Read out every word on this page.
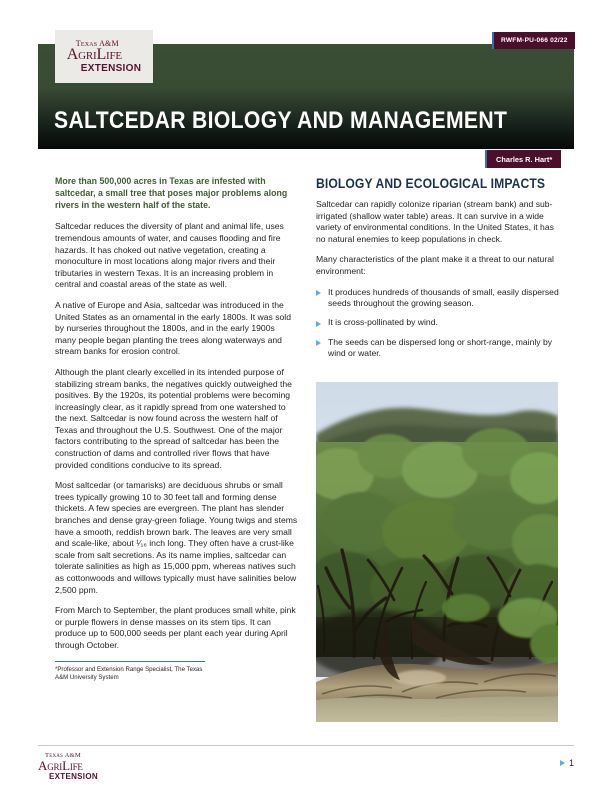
SALTCEDAR BIOLOGY AND MANAGEMENT
Texas A&M
AgriLife
EXTENSION
RWFM-PU-066 02/22
Charles R. Hart*

More than 500,000 acres in Texas are infested with saltcedar, a small tree that poses major problems along rivers in the western half of the state.

Saltcedar reduces the diversity of plant and animal life, uses tremendous amounts of water, and causes flooding and fire hazards. It has choked out native vegetation, creating a monoculture in most locations along major rivers and their tributaries in western Texas. It is an increasing problem in central and coastal areas of the state as well.

A native of Europe and Asia, saltcedar was introduced in the United States as an ornamental in the early 1800s. It was sold by nurseries throughout the 1800s, and in the early 1900s many people began planting the trees along waterways and stream banks for erosion control.

Although the plant clearly excelled in its intended purpose of stabilizing stream banks, the negatives quickly outweighed the positives. By the 1920s, its potential problems were becoming increasingly clear, as it rapidly spread from one watershed to the next. Saltcedar is now found across the western half of Texas and throughout the U.S. Southwest. One of the major factors contributing to the spread of saltcedar has been the construction of dams and controlled river flows that have provided conditions conducive to its spread.

Most saltcedar (or tamarisks) are deciduous shrubs or small trees typically growing 10 to 30 feet tall and forming dense thickets. A few species are evergreen. The plant has slender branches and dense gray-green foliage. Young twigs and stems have a smooth, reddish brown bark. The leaves are very small and scale-like, about ¹⁄₁₆ inch long. They often have a crust-like scale from salt secretions. As its name implies, saltcedar can tolerate salinities as high as 15,000 ppm, whereas natives such as cottonwoods and willows typically must have salinities below 2,500 ppm.

From March to September, the plant produces small white, pink or purple flowers in dense masses on its stem tips. It can produce up to 500,000 seeds per plant each year during April through October.

*Professor and Extension Range Specialist, The Texas A&M University System
BIOLOGY AND ECOLOGICAL IMPACTS

Saltcedar can rapidly colonize riparian (stream bank) and sub-irrigated (shallow water table) areas. It can survive in a wide variety of environmental conditions. In the United States, it has no natural enemies to keep populations in check.

Many characteristics of the plant make it a threat to our natural environment:

It produces hundreds of thousands of small, easily dispersed seeds throughout the growing season.
It is cross-pollinated by wind.
The seeds can be dispersed long or short-range, mainly by wind or water.
Texas A&M
AgriLife
EXTENSION
1
